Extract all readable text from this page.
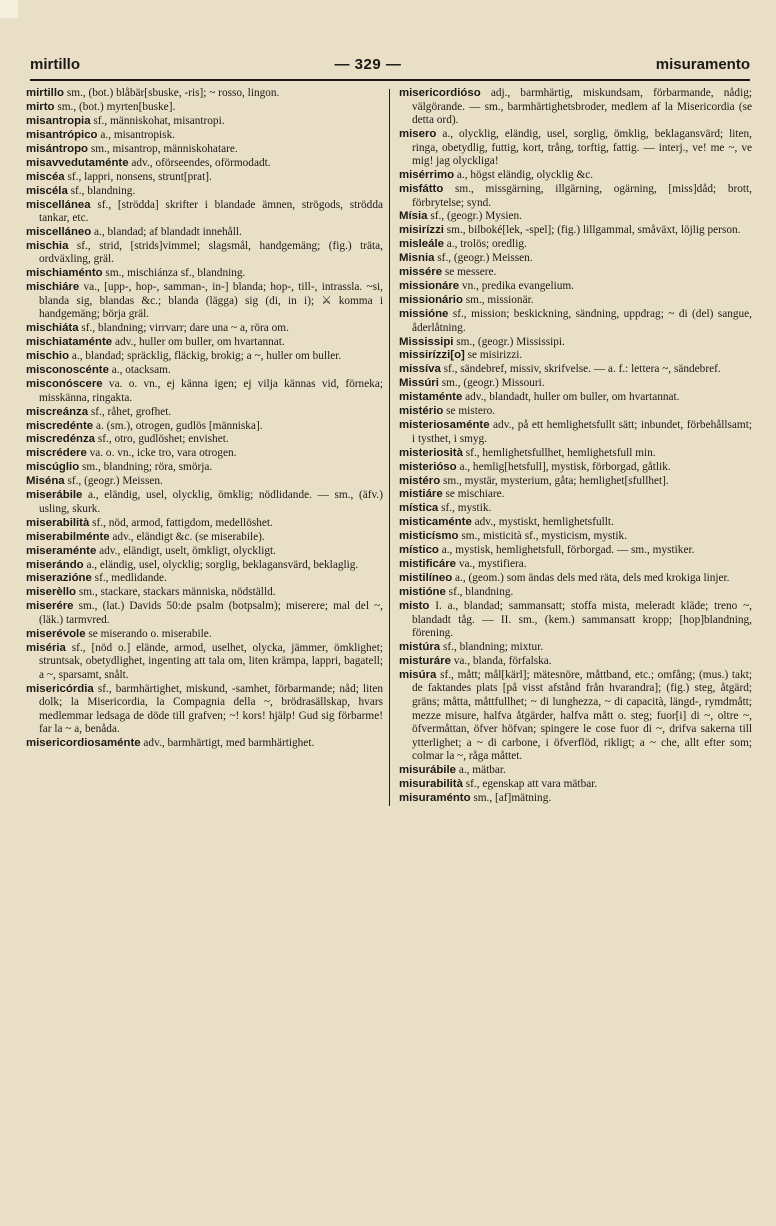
mirtillo	— 329 —	misuramento

mirtillo sm., (bot.) blåbär[sbuske, -ris]; ~ rosso, lingon.

mirto sm., (bot.) myrten[buske].

misantropia sf., människohat, misantropi.

misantrópico a., misantropisk.

misántropo sm., misantrop, människohatare.

misavvedutaménte adv., oförseendes, oförmodadt.

miscéa sf., lappri, nonsens, strunt[prat].

miscéla sf., blandning.

miscellánea sf., [strödda] skrifter i blandade ämnen, strögods, strödda tankar, etc.

miscelláneo a., blandad; af blandadt innehåll.

mischia sf., strid, [strids]vimmel; slagsmål, handgemäng; (fig.) träta, ordväxling, gräl.

mischiaménto sm., mischiánza sf., blandning.

mischiáre va., [upp-, hop-, samman-, in-] blanda; hop-, till-, intrassla. ~si, blanda sig, blandas &c.; blanda (lägga) sig (di, in i); ⚔ komma i handgemäng; börja gräl.

mischiáta sf., blandning; virrvarr; dare una ~ a, röra om.

mischiataménte adv., huller om buller, om hvartannat.

mischio a., blandad; spräcklig, fläckig, brokig; a ~, huller om buller.

misconoscénte a., otacksam.

misconóscere va. o. vn., ej känna igen; ej vilja kännas vid, förneka; misskänna, ringakta.

miscreánza sf., råhet, grofhet.

miscredénte a. (sm.), otrogen, gudlös [människa].

miscredénza sf., otro, gudlöshet; envishet.

miscrédere va. o. vn., icke tro, vara otrogen.

miscúglio sm., blandning; röra, smörja.

Miséna sf., (geogr.) Meissen.

miserábile a., eländig, usel, olycklig, ömklig; nödlidande. — sm., (äfv.) usling, skurk.

miserabilità sf., nöd, armod, fattigdom, medellöshet.

miserabilménte adv., eländigt &c. (se miserabile).

miseraménte adv., eländigt, uselt, ömkligt, olyckligt.

miserándo a., eländig, usel, olycklig; sorglig, beklagansvärd, beklaglig.

miserazióne sf., medlidande.

miserèllo sm., stackare, stackars människa, nödställd.

miserére sm., (lat.) Davids 50:de psalm (botpsalm); miserere; mal del ~, (läk.) tarmvred.

miserévole se miserando o. miserabile.

miséria sf., [nöd o.] elände, armod, uselhet, olycka, jämmer, ömklighet; struntsak, obetydlighet, ingenting att tala om, liten krämpa, lappri, bagatell; a ~, sparsamt, snålt.

misericórdia sf., barmhärtighet, miskund, -samhet, förbarmande; nåd; liten dolk; la Misericordia, la Compagnia della ~, brödrasällskap, hvars medlemmar ledsaga de döde till grafven; ~! kors! hjälp! Gud sig förbarme! far la ~ a, benåda.

misericordiosaménte adv., barmhärtigt, med barmhärtighet.

misericordióso adj., barmhärtig, miskundsam, förbarmande, nådig; välgörande. — sm., barmhärtighetsbroder, medlem af la Misericordia (se detta ord).

misero a., olycklig, eländig, usel, sorglig, ömklig, beklagansvärd; liten, ringa, obetydlig, futtig, kort, trång, torftig, fattig. — interj., ve! me ~, ve mig! jag olyckliga!

misérrimo a., högst eländig, olycklig &c.

misfátto sm., missgärning, illgärning, ogärning, [miss]dåd; brott, förbrytelse; synd.

Mísia sf., (geogr.) Mysien.

misirízzi sm., bilboké[lek, -spel]; (fig.) lillgammal, småväxt, löjlig person.

misleále a., trolös; oredlig.

Misnia sf., (geogr.) Meissen.

missére se messere.

missionáre vn., predika evangelium.

missionário sm., missionär.

missióne sf., mission; beskickning, sändning, uppdrag; ~ di (del) sangue, åderlåtning.

Mississipi sm., (geogr.) Mississipi.

missirízzi[o] se misirizzi.

missíva sf., sändebref, missiv, skrifvelse. — a. f.: lettera ~, sändebref.

Missúri sm., (geogr.) Missouri.

mistaménte adv., blandadt, huller om buller, om hvartannat.

mistério se mistero.

misteriosaménte adv., på ett hemlighetsfullt sätt; inbundet, förbehållsamt; i tysthet, i smyg.

misteriosità sf., hemlighetsfullhet, hemlighetsfull min.

misterióso a., hemlig[hetsfull], mystisk, förborgad, gåtlik.

mistéro sm., mystär, mysterium, gåta; hemlighet[sfullhet].

mistiáre se mischiare.

mística sf., mystik.

misticaménte adv., mystiskt, hemlighetsfullt.

misticísmo sm., misticità sf., mysticism, mystik.

místico a., mystisk, hemlighetsfull, förborgad. — sm., mystiker.

mistificáre va., mystifiera.

mistilíneo a., (geom.) som ändas dels med räta, dels med krokiga linjer.

mistióne sf., blandning.

misto I. a., blandad; sammansatt; stoffa mista, meleradt kläde; treno ~, blandadt tåg. — II. sm., (kem.) sammansatt kropp; [hop]blandning, förening.

mistúra sf., blandning; mixtur.

misturáre va., blanda, förfalska.

misúra sf., mått; mål[kärl]; mätesnöre, måttband, etc.; omfång; (mus.) takt; de faktandes plats [på visst afstånd från hvarandra]; (fig.) steg, åtgärd; gräns; måtta, måttfullhet; ~ di lunghezza, ~ di capacità, längd-, rymdmått; mezze misure, halfva åtgärder, halfva mått o. steg; fuor[i] di ~, oltre ~, öfvermåttan, öfver höfvan; spingere le cose fuor di ~, drifva sakerna till ytterlighet; a ~ di carbone, i öfverflöd, rikligt; a ~ che, allt efter som; colmar la ~, råga måttet.

misurábile a., mätbar.

misurabilità sf., egenskap att vara mätbar.

misuraménto sm., [af]mätning.
